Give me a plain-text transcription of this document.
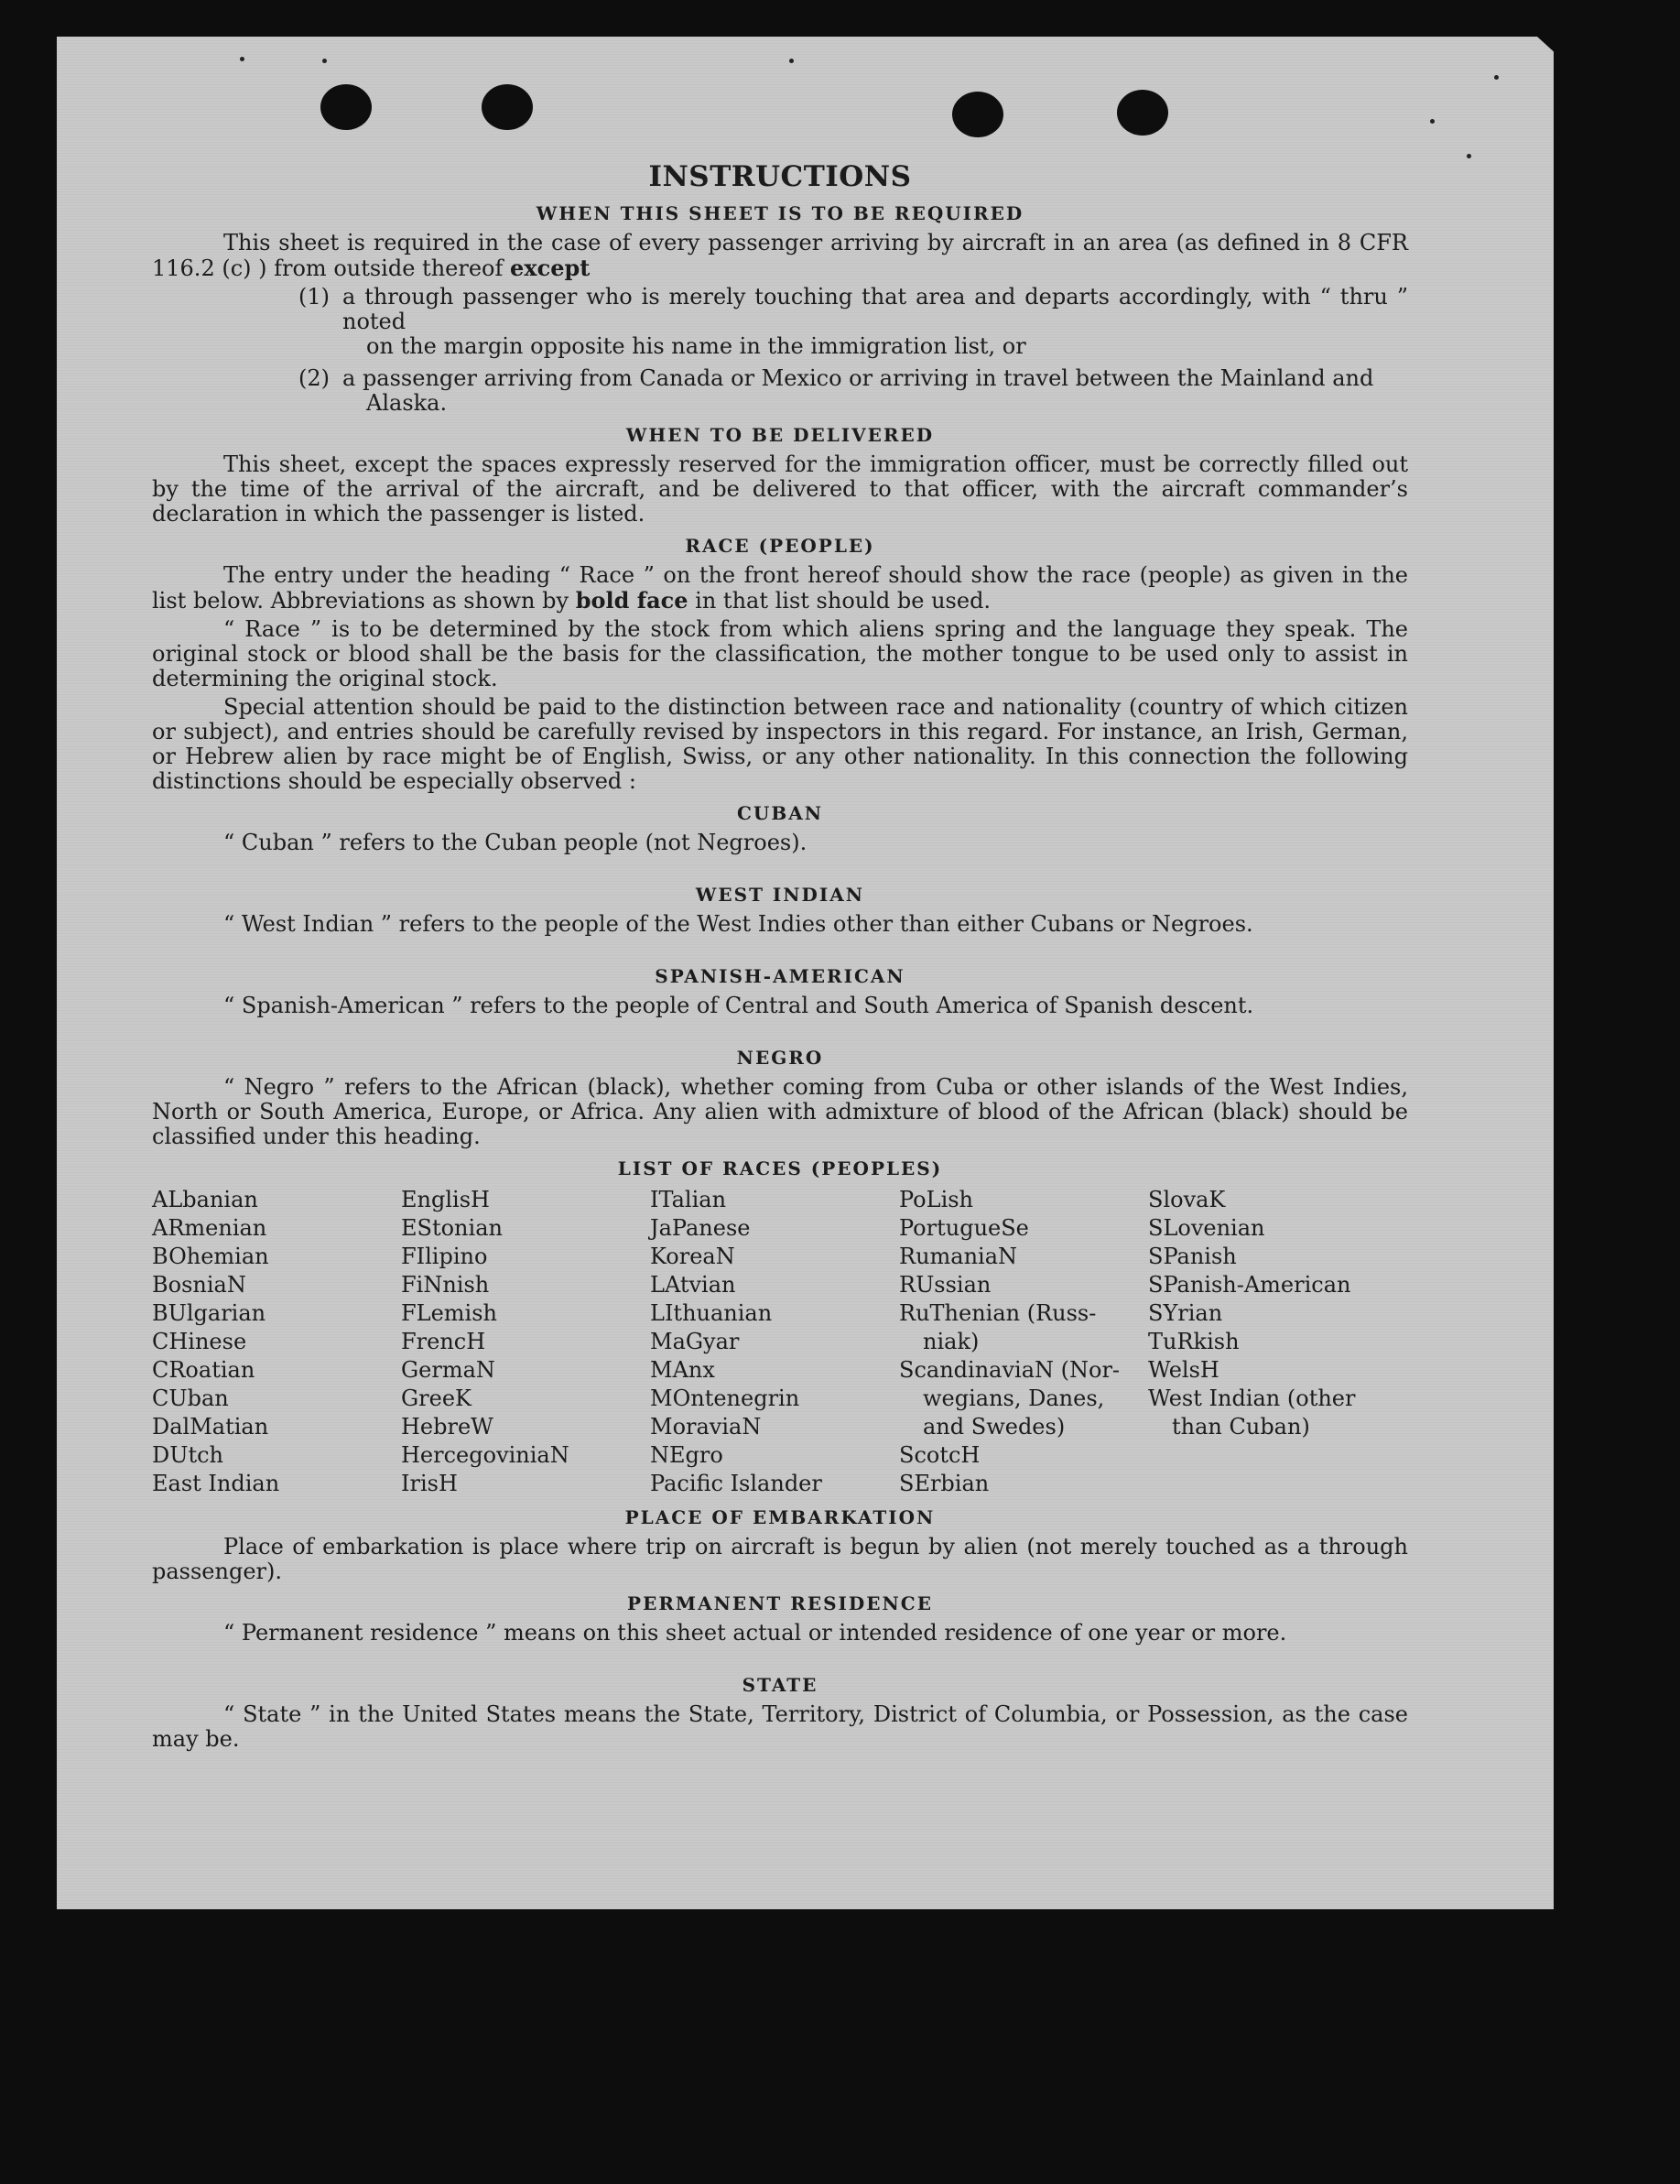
INSTRUCTIONS
WHEN THIS SHEET IS TO BE REQUIRED

This sheet is required in the case of every passenger arriving by aircraft in an area (as defined in 8 CFR 116.2 (c) ) from outside thereof except

(1) a through passenger who is merely touching that area and departs accordingly, with “ thru ” noted
on the margin opposite his name in the immigration list, or
(2) a passenger arriving from Canada or Mexico or arriving in travel between the Mainland and
Alaska.
WHEN TO BE DELIVERED

This sheet, except the spaces expressly reserved for the immigration officer, must be correctly filled out by the time of the arrival of the aircraft, and be delivered to that officer, with the aircraft commander’s declaration in which the passenger is listed.

RACE (PEOPLE)

The entry under the heading “ Race ” on the front hereof should show the race (people) as given in the list below. Abbreviations as shown by bold face in that list should be used.

“ Race ” is to be determined by the stock from which aliens spring and the language they speak. The original stock or blood shall be the basis for the classification, the mother tongue to be used only to assist in determining the original stock.

Special attention should be paid to the distinction between race and nationality (country of which citizen or subject), and entries should be carefully revised by inspectors in this regard. For instance, an Irish, German, or Hebrew alien by race might be of English, Swiss, or any other nationality. In this connection the following distinctions should be especially observed :

CUBAN

“ Cuban ” refers to the Cuban people (not Negroes).

WEST INDIAN

“ West Indian ” refers to the people of the West Indies other than either Cubans or Negroes.

SPANISH-AMERICAN

“ Spanish-American ” refers to the people of Central and South America of Spanish descent.

NEGRO

“ Negro ” refers to the African (black), whether coming from Cuba or other islands of the West Indies, North or South America, Europe, or Africa. Any alien with admixture of blood of the African (black) should be classified under this heading.

LIST OF RACES (PEOPLES)
ALbanian
ARmenian
BOhemian
BosniaN
BUlgarian
CHinese
CRoatian
CUban
DalMatian
DUtch
East Indian
EnglisH
EStonian
FIlipino
FiNnish
FLemish
FrencH
GermaN
GreeK
HebreW
HercegoviniaN
IrisH
ITalian
JaPanese
KoreaN
LAtvian
LIthuanian
MaGyar
MAnx
MOntenegrin
MoraviaN
NEgro
Pacific Islander
PoLish
PortugueSe
RumaniaN
RUssian
RuThenian (Russ-
niak)
ScandinaviaN (Nor-
wegians, Danes,
and Swedes)
ScotcH
SErbian
SlovaK
SLovenian
SPanish
SPanish-American
SYrian
TuRkish
WelsH
West Indian (other
than Cuban)
PLACE OF EMBARKATION

Place of embarkation is place where trip on aircraft is begun by alien (not merely touched as a through passenger).

PERMANENT RESIDENCE

“ Permanent residence ” means on this sheet actual or intended residence of one year or more.

STATE

“ State ” in the United States means the State, Territory, District of Columbia, or Possession, as the case may be.
